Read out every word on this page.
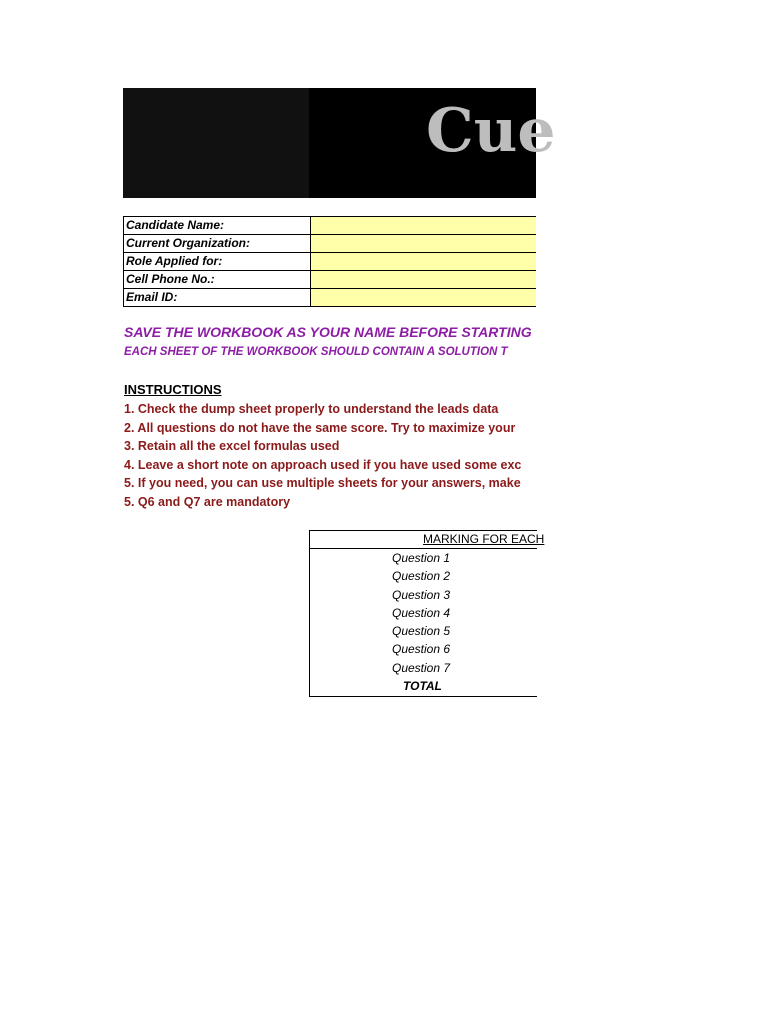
Cue
Candidate Name:	
Current Organization:	
Role Applied for:	
Cell Phone No.:	
Email ID:	
SAVE THE WORKBOOK AS YOUR NAME BEFORE STARTING
EACH SHEET OF THE WORKBOOK SHOULD CONTAIN A SOLUTION T
INSTRUCTIONS
1. Check the dump sheet properly to understand the leads data
2. All questions do not have the same score. Try to maximize your
3. Retain all the excel formulas used
4. Leave a short note on approach used if you have used some exc
5. If you need, you can use multiple sheets for your answers, make
5. Q6 and Q7 are mandatory
MARKING FOR EACH
Question 1
Question 2
Question 3
Question 4
Question 5
Question 6
Question 7
TOTAL
